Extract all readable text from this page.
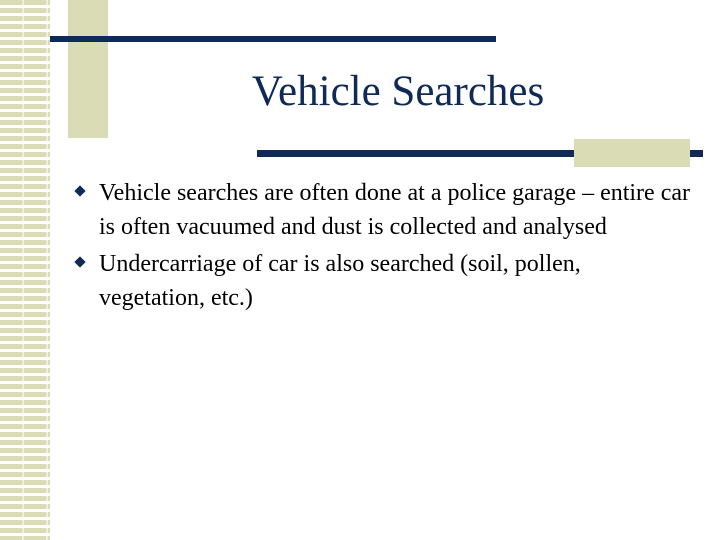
Vehicle Searches
Vehicle searches are often done at a police garage – entire car is often vacuumed and dust is collected and analysed
Undercarriage of car is also searched (soil, pollen, vegetation, etc.)
